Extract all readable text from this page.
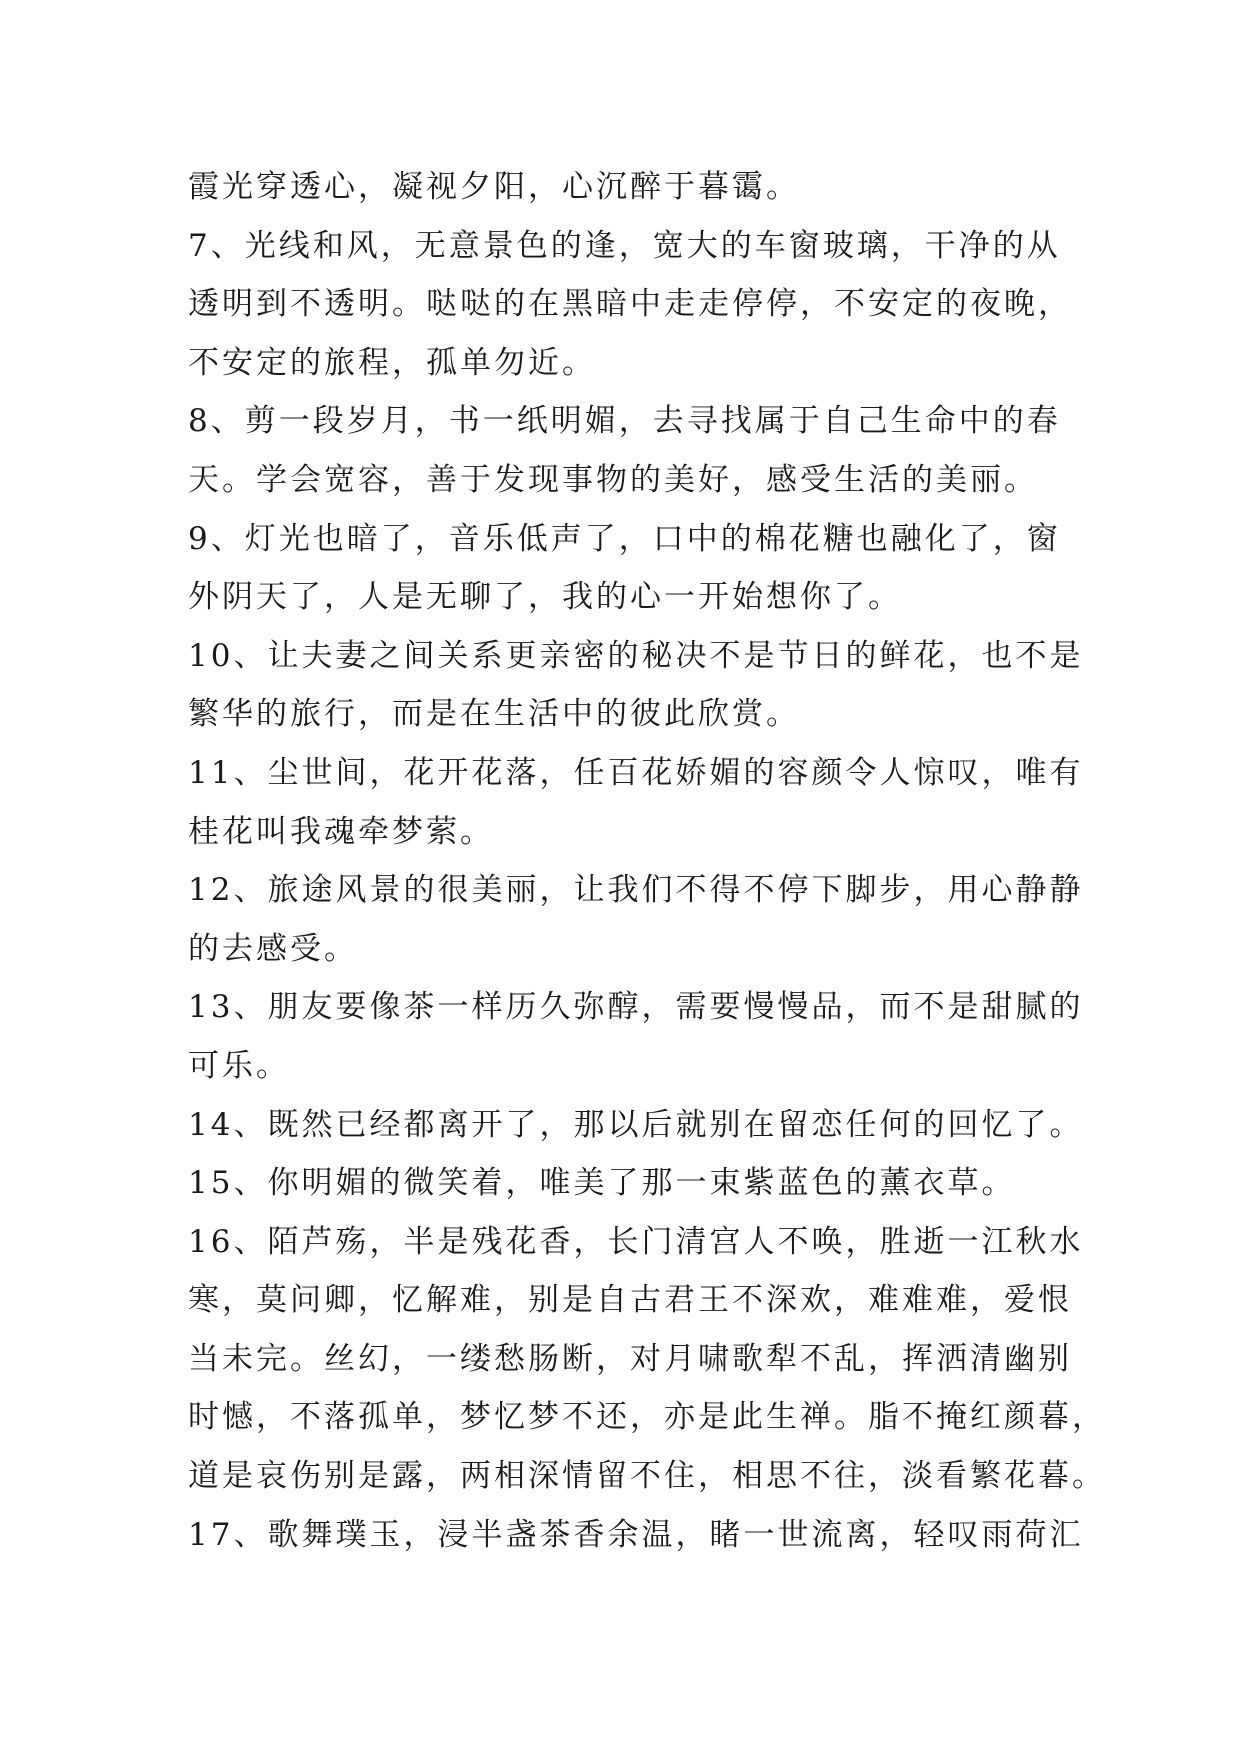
霞光穿透心，凝视夕阳，心沉醉于暮霭。
7、光线和风，无意景色的逢，宽大的车窗玻璃，干净的从
透明到不透明。哒哒的在黑暗中走走停停，不安定的夜晚，
不安定的旅程，孤单勿近。
8、剪一段岁月，书一纸明媚，去寻找属于自己生命中的春
天。学会宽容，善于发现事物的美好，感受生活的美丽。
9、灯光也暗了，音乐低声了，口中的棉花糖也融化了，窗
外阴天了，人是无聊了，我的心一开始想你了。
10、让夫妻之间关系更亲密的秘决不是节日的鲜花，也不是
繁华的旅行，而是在生活中的彼此欣赏。
11、尘世间，花开花落，任百花娇媚的容颜令人惊叹，唯有
桂花叫我魂牵梦萦。
12、旅途风景的很美丽，让我们不得不停下脚步，用心静静
的去感受。
13、朋友要像茶一样历久弥醇，需要慢慢品，而不是甜腻的
可乐。
14、既然已经都离开了，那以后就别在留恋任何的回忆了。
15、你明媚的微笑着，唯美了那一束紫蓝色的薰衣草。
16、陌芦殇，半是残花香，长门清宫人不唤，胜逝一江秋水
寒，莫问卿，忆解难，别是自古君王不深欢，难难难，爱恨
当未完。丝幻，一缕愁肠断，对月啸歌犁不乱，挥洒清幽别
时憾，不落孤单，梦忆梦不还，亦是此生禅。脂不掩红颜暮，
道是哀伤别是露，两相深情留不住，相思不往，淡看繁花暮。
17、歌舞璞玉，浸半盏茶香余温，睹一世流离，轻叹雨荷汇
